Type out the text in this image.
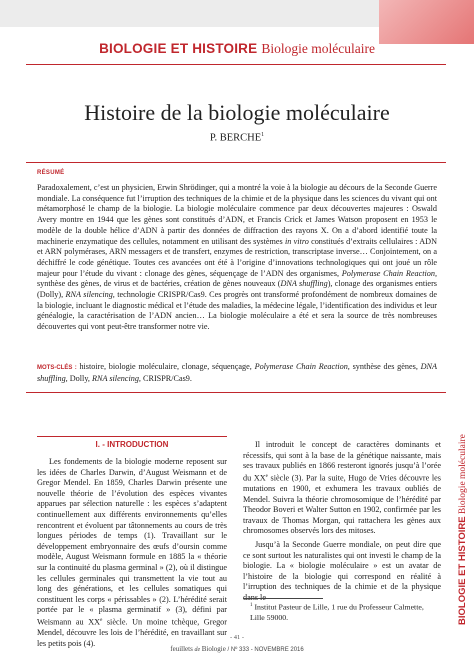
BIOLOGIE ET HISTOIRE Biologie moléculaire
Histoire de la biologie moléculaire
P. BERCHE$^1$
RÉSUMÉ
Paradoxalement, c’est un physicien, Erwin Shrödinger, qui a montré la voie à la biologie au décours de la Seconde Guerre mondiale. La conséquence fut l’irruption des techniques de la chimie et de la physique dans les sciences du vivant qui ont métamorphosé le champ de la biologie. La biologie moléculaire commence par deux découvertes majeures : Oswald Avery montre en 1944 que les gènes sont constitués d’ADN, et Francis Crick et James Watson proposent en 1953 le modèle de la double hélice d’ADN à partir des données de diffraction des rayons X. On a d’abord identifié toute la machinerie enzymatique des cellules, notamment en utilisant des systèmes in vitro constitués d’extraits cellulaires : ADN et ARN polymérases, ARN messagers et de transfert, enzymes de restriction, transcriptase inverse… Conjointement, on a déchiffré le code génétique. Toutes ces avancées ont été à l’origine d’innovations technologiques qui ont joué un rôle majeur pour l’étude du vivant : clonage des gènes, séquençage de l’ADN des organismes, Polymerase Chain Reaction, synthèse des gènes, de virus et de bactéries, création de gènes nouveaux (DNA shuffling), clonage des organismes entiers (Dolly), RNA silencing, technologie CRISPR/Cas9. Ces progrès ont transformé profondément de nombreux domaines de la biologie, incluant le diagnostic médical et l’étude des maladies, la médecine légale, l’identification des individus et leur généalogie, la caractérisation de l’ADN ancien… La biologie moléculaire a été et sera la source de très nombreuses découvertes qui vont peut-être transformer notre vie.
MOTS-CLÉS : histoire, biologie moléculaire, clonage, séquençage, Polymerase Chain Reaction, synthèse des gènes, DNA shuffling, Dolly, RNA silencing, CRISPR/Cas9.
I. - INTRODUCTION
Les fondements de la biologie moderne reposent sur les idées de Charles Darwin, d’August Weismann et de Gregor Mendel. En 1859, Charles Darwin présente une nouvelle théorie de l’évolution des espèces vivantes apparues par sélection naturelle : les espèces s’adaptent continuellement aux différents environnements qu’elles rencontrent et évoluent par tâtonnements au cours de très longues périodes de temps (1). Travaillant sur le développement embryonnaire des œufs d’oursin comme modèle, August Weismann formule en 1885 la « théorie sur la continuité du plasma germinal » (2), où il distingue les cellules germinales qui transmettent la vie tout au long des générations, et les cellules somatiques qui constituent les corps « périssables » (2). L’hérédité serait portée par le « plasma germinatif » (3), défini par Weismann au XXe siècle. Un moine tchèque, Gregor Mendel, découvre les lois de l’hérédité, en travaillant sur les petits pois (4).

Il introduit le concept de caractères dominants et récessifs, qui sont à la base de la génétique naissante, mais ses travaux publiés en 1866 resteront ignorés jusqu’à l’orée du XXe siècle (3). Par la suite, Hugo de Vries découvre les mutations en 1900, et exhumera les travaux oubliés de Mendel. Suivra la théorie chromosomique de l’hérédité par Theodor Boveri et Walter Sutton en 1902, confirmée par les travaux de Thomas Morgan, qui rattachera les gènes aux chromosomes observés lors des mitoses.

Jusqu’à la Seconde Guerre mondiale, on peut dire que ce sont surtout les naturalistes qui ont investi le champ de la biologie. La « biologie moléculaire » est un avatar de l’histoire de la biologie qui correspond en réalité à l’irruption des techniques de la chimie et de la physique

$^1$ Institut Pasteur de Lille, 1 rue du Professeur Calmette, Lille 59000.	BIOLOGIE ET HISTOIRE Biologie moléculaire
- 41 -
feuillets de Biologie / Nº 333 - NOVEMBRE 2016
